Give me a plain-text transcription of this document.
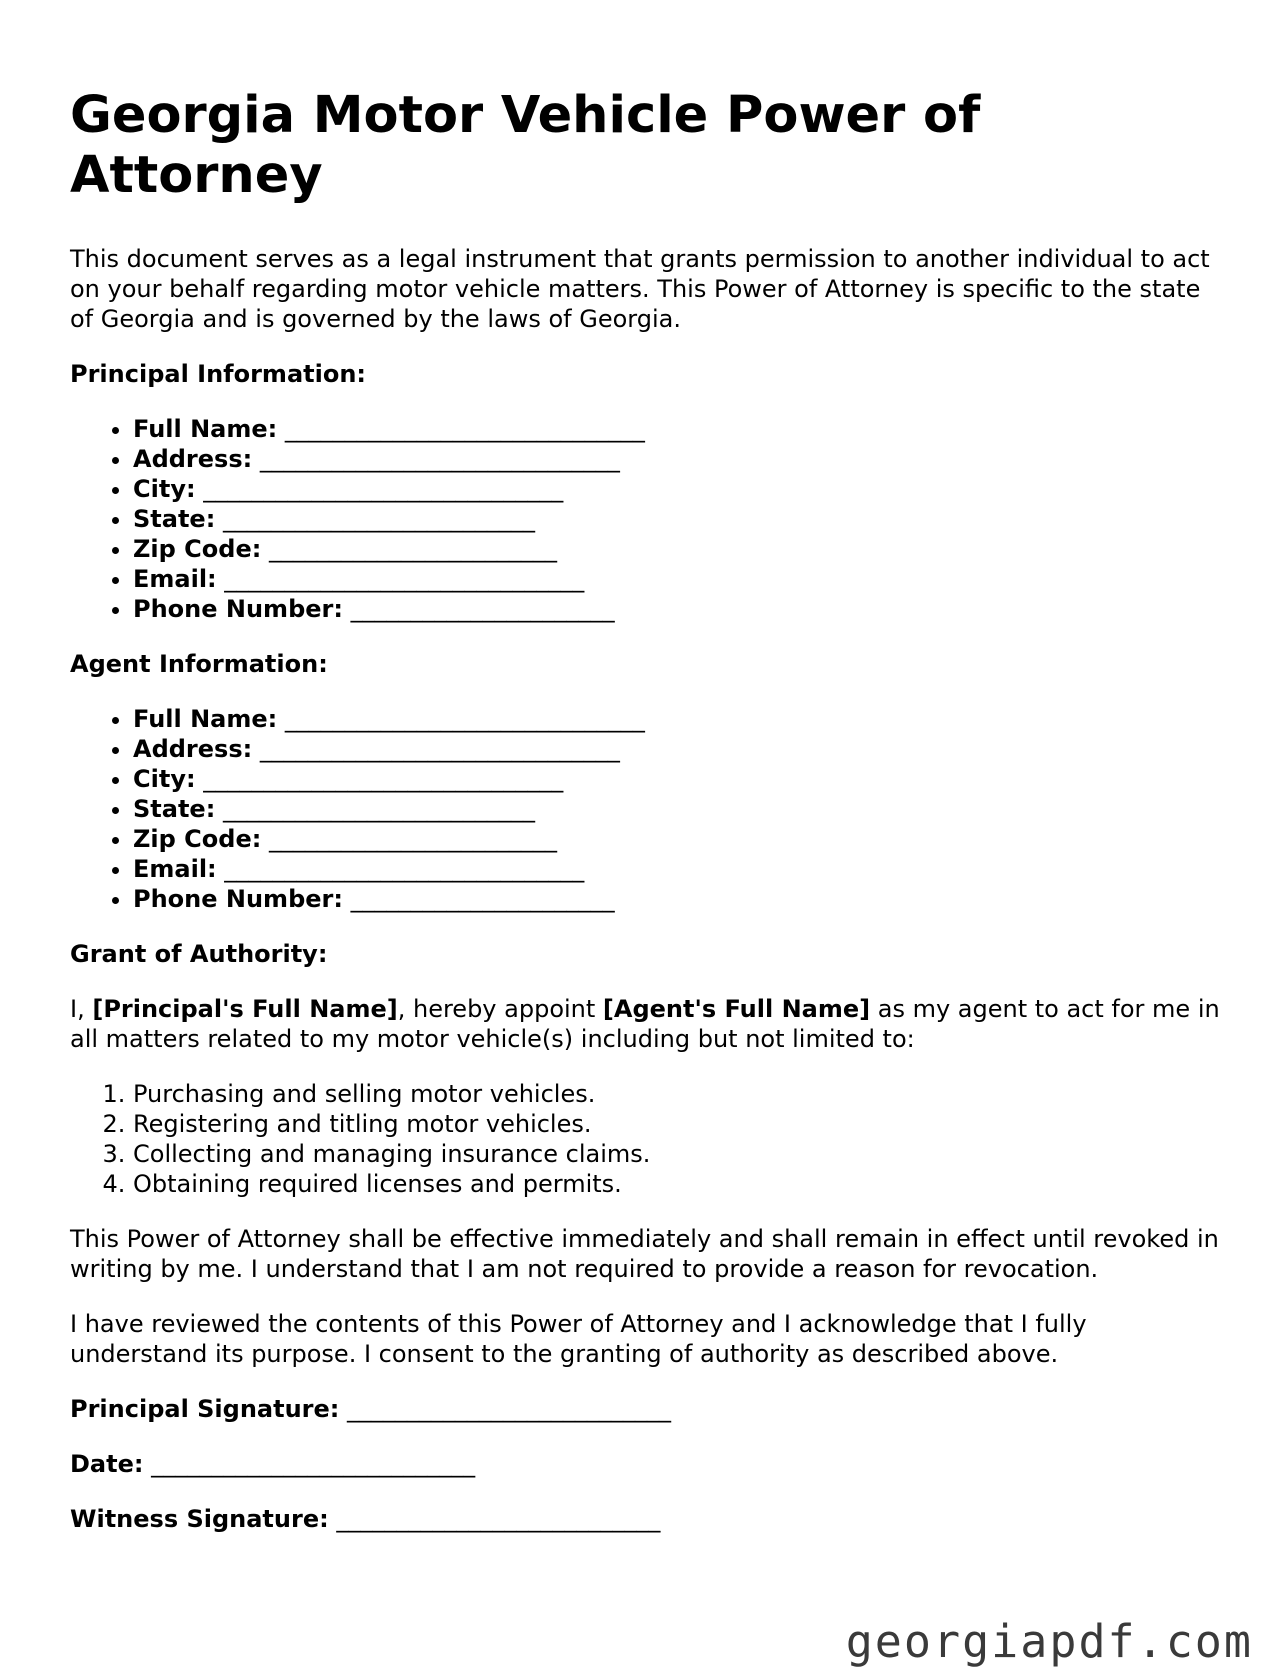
Georgia Motor Vehicle Power of Attorney

This document serves as a legal instrument that grants permission to another individual to act on your behalf regarding motor vehicle matters. This Power of Attorney is specific to the state of Georgia and is governed by the laws of Georgia.

Principal Information:

• Full Name: ______________________________
• Address: ______________________________
• City: ______________________________
• State: __________________________
• Zip Code: ________________________
• Email: ______________________________
• Phone Number: ______________________

Agent Information:

• Full Name: ______________________________
• Address: ______________________________
• City: ______________________________
• State: __________________________
• Zip Code: ________________________
• Email: ______________________________
• Phone Number: ______________________

Grant of Authority:

I, [Principal's Full Name], hereby appoint [Agent's Full Name] as my agent to act for me in all matters related to my motor vehicle(s) including but not limited to:

1. Purchasing and selling motor vehicles.
2. Registering and titling motor vehicles.
3. Collecting and managing insurance claims.
4. Obtaining required licenses and permits.

This Power of Attorney shall be effective immediately and shall remain in effect until revoked in writing by me. I understand that I am not required to provide a reason for revocation.

I have reviewed the contents of this Power of Attorney and I acknowledge that I fully understand its purpose. I consent to the granting of authority as described above.

Principal Signature: ___________________________

Date: ___________________________

Witness Signature: ___________________________

georgiapdf.com
